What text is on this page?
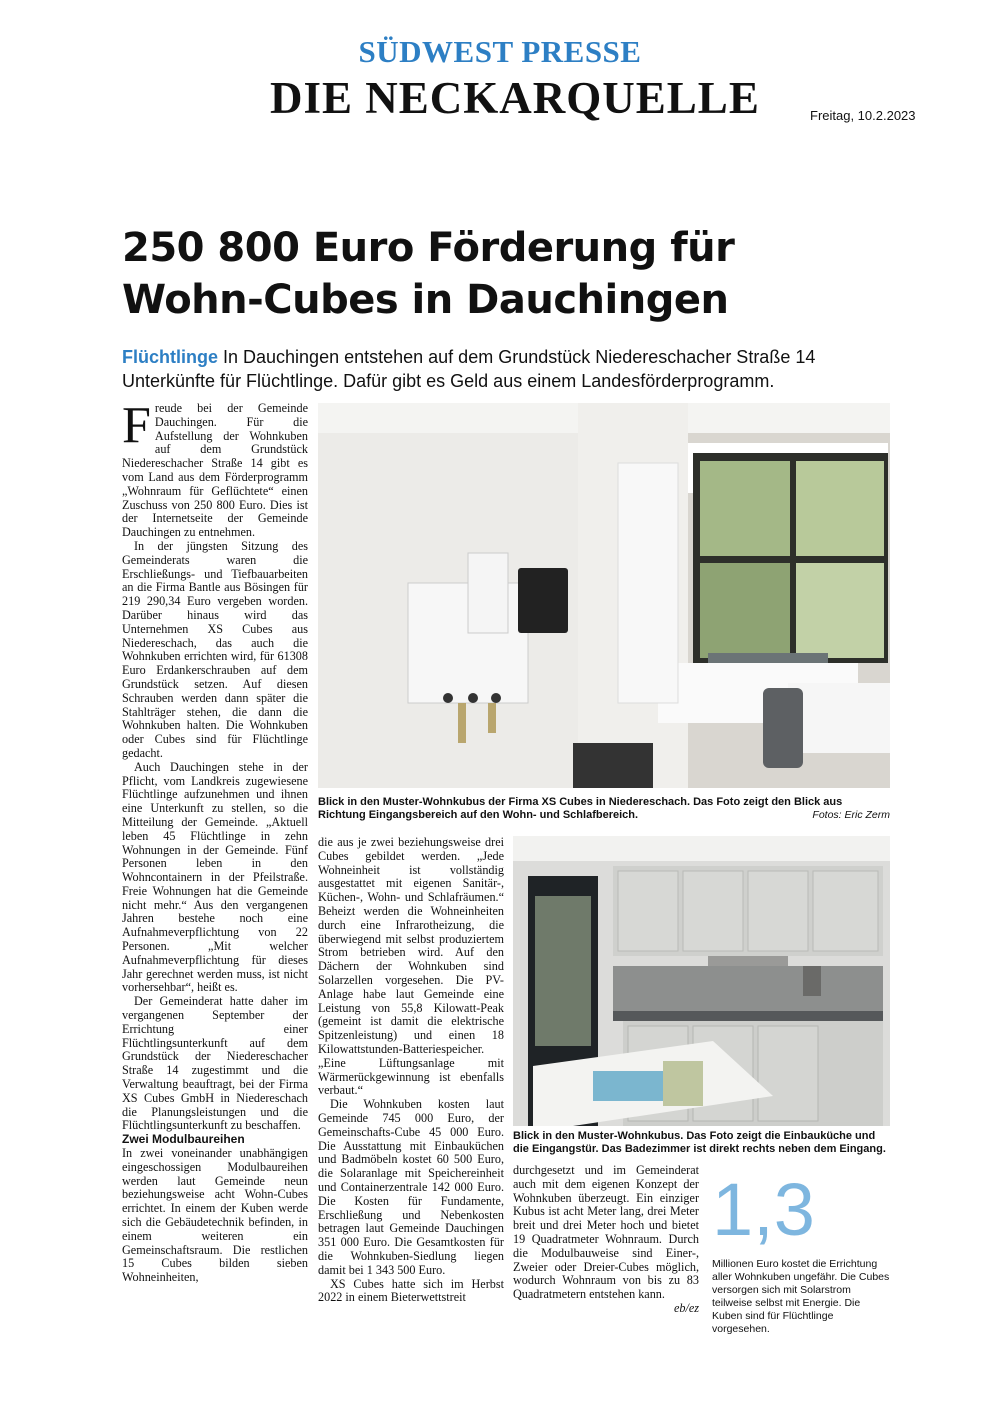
SÜDWEST PRESSE
DIE NECKARQUELLE	Freitag, 10.2.2023
250 800 Euro Förderung für
Wohn-Cubes in Dauchingen
Flüchtlinge In Dauchingen entstehen auf dem Grundstück Niedereschacher Straße 14 Unterkünfte für Flüchtlinge. Dafür gibt es Geld aus einem Landesförderprogramm.

Freude bei der Gemeinde Dauchingen. Für die Aufstellung der Wohnkuben auf dem Grundstück Niedereschacher Straße 14 gibt es vom Land aus dem Förderprogramm „Wohnraum für Geflüchtete“ einen Zuschuss von 250 800 Euro. Dies ist der Internetseite der Gemeinde Dauchingen zu entnehmen.

In der jüngsten Sitzung des Gemeinderats waren die Erschließungs- und Tiefbauarbeiten an die Firma Bantle aus Bösingen für 219 290,34 Euro vergeben worden. Darüber hinaus wird das Unternehmen XS Cubes aus Niedereschach, das auch die Wohnkuben errichten wird, für 61308 Euro Erdankerschrauben auf dem Grundstück setzen. Auf diesen Schrauben werden dann später die Stahlträger stehen, die dann die Wohnkuben halten. Die Wohnkuben oder Cubes sind für Flüchtlinge gedacht.

Auch Dauchingen stehe in der Pflicht, vom Landkreis zugewiesene Flüchtlinge aufzunehmen und ihnen eine Unterkunft zu stellen, so die Mitteilung der Gemeinde. „Aktuell leben 45 Flüchtlinge in zehn Wohnungen in der Gemeinde. Fünf Personen leben in den Wohncontainern in der Pfeilstraße. Freie Wohnungen hat die Gemeinde nicht mehr.“ Aus den vergangenen Jahren bestehe noch eine Aufnahmeverpflichtung von 22 Personen. „Mit welcher Aufnahmeverpflichtung für dieses Jahr gerechnet werden muss, ist nicht vorhersehbar“, heißt es.

Der Gemeinderat hatte daher im vergangenen September der Errichtung einer Flüchtlingsunterkunft auf dem Grundstück der Niedereschacher Straße 14 zugestimmt und die Verwaltung beauftragt, bei der Firma XS Cubes GmbH in Niedereschach die Planungsleistungen und die Flüchtlingsunterkunft zu beschaffen.

Zwei Modulbaureihen

In zwei voneinander unabhängigen eingeschossigen Modulbaureihen werden laut Gemeinde neun beziehungsweise acht Wohn-Cubes errichtet. In einem der Kuben werde sich die Gebäudetechnik befinden, in einem weiteren ein Gemeinschaftsraum. Die restlichen 15 Cubes bilden sieben Wohneinheiten,

Blick in den Muster-Wohnkubus der Firma XS Cubes in Niedereschach. Das Foto zeigt den Blick aus Richtung Eingangsbereich auf den Wohn- und Schlafbereich.	Fotos: Eric Zerm

die aus je zwei beziehungsweise drei Cubes gebildet werden. „Jede Wohneinheit ist vollständig ausgestattet mit eigenen Sanitär-, Küchen-, Wohn- und Schlafräumen.“ Beheizt werden die Wohneinheiten durch eine Infrarotheizung, die überwiegend mit selbst produziertem Strom betrieben wird. Auf den Dächern der Wohnkuben sind Solarzellen vorgesehen. Die PV-Anlage habe laut Gemeinde eine Leistung von 55,8 Kilowatt-Peak (gemeint ist damit die elektrische Spitzenleistung) und einen 18 Kilowattstunden-Batteriespeicher. „Eine Lüftungsanlage mit Wärmerückgewinnung ist ebenfalls verbaut.“

Die Wohnkuben kosten laut Gemeinde 745 000 Euro, der Gemeinschafts-Cube 45 000 Euro. Die Ausstattung mit Einbauküchen und Badmöbeln kostet 60 500 Euro, die Solaranlage mit Speichereinheit und Containerzentrale 142 000 Euro. Die Kosten für Fundamente, Erschließung und Nebenkosten betragen laut Gemeinde Dauchingen 351 000 Euro. Die Gesamtkosten für die Wohnkuben-Siedlung liegen damit bei 1 343 500 Euro.

XS Cubes hatte sich im Herbst 2022 in einem Bieterwettstreit

Blick in den Muster-Wohnkubus. Das Foto zeigt die Einbauküche und die Eingangstür. Das Badezimmer ist direkt rechts neben dem Eingang.

durchgesetzt und im Gemeinderat auch mit dem eigenen Konzept der Wohnkuben überzeugt. Ein einziger Kubus ist acht Meter lang, drei Meter breit und drei Meter hoch und bietet 19 Quadratmeter Wohnraum. Durch die Modulbauweise sind Einer-, Zweier oder Dreier-Cubes möglich, wodurch Wohnraum von bis zu 83 Quadratmetern entstehen kann.

eb/ez

1,3
Millionen Euro kostet die Errichtung aller Wohnkuben ungefähr. Die Cubes versorgen sich mit Solarstrom teilweise selbst mit Energie. Die Kuben sind für Flüchtlinge vorgesehen.
